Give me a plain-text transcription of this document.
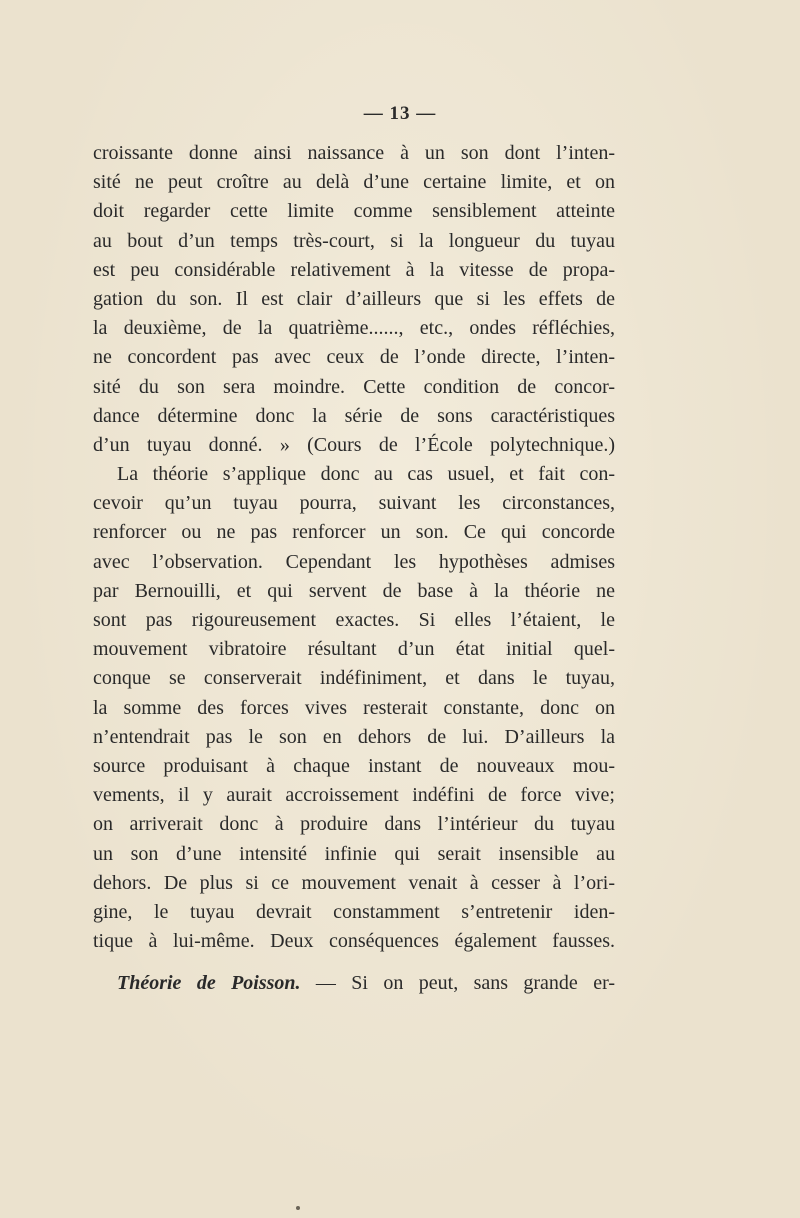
— 13 —
croissante donne ainsi naissance à un son dont l’inten-
sité ne peut croître au delà d’une certaine limite, et on
doit regarder cette limite comme sensiblement atteinte
au bout d’un temps très-court, si la longueur du tuyau
est peu considérable relativement à la vitesse de propa-
gation du son. Il est clair d’ailleurs que si les effets de
la deuxième, de la quatrième......, etc., ondes réfléchies,
ne concordent pas avec ceux de l’onde directe, l’inten-
sité du son sera moindre. Cette condition de concor-
dance détermine donc la série de sons caractéristiques
d’un tuyau donné. » (Cours de l’École polytechnique.)
La théorie s’applique donc au cas usuel, et fait con-
cevoir qu’un tuyau pourra, suivant les circonstances,
renforcer ou ne pas renforcer un son. Ce qui concorde
avec l’observation. Cependant les hypothèses admises
par Bernouilli, et qui servent de base à la théorie ne
sont pas rigoureusement exactes. Si elles l’étaient, le
mouvement vibratoire résultant d’un état initial quel-
conque se conserverait indéfiniment, et dans le tuyau,
la somme des forces vives resterait constante, donc on
n’entendrait pas le son en dehors de lui. D’ailleurs la
source produisant à chaque instant de nouveaux mou-
vements, il y aurait accroissement indéfini de force vive;
on arriverait donc à produire dans l’intérieur du tuyau
un son d’une intensité infinie qui serait insensible au
dehors. De plus si ce mouvement venait à cesser à l’ori-
gine, le tuyau devrait constamment s’entretenir iden-
tique à lui-même. Deux conséquences également fausses.
Théorie de Poisson. — Si on peut, sans grande er-
